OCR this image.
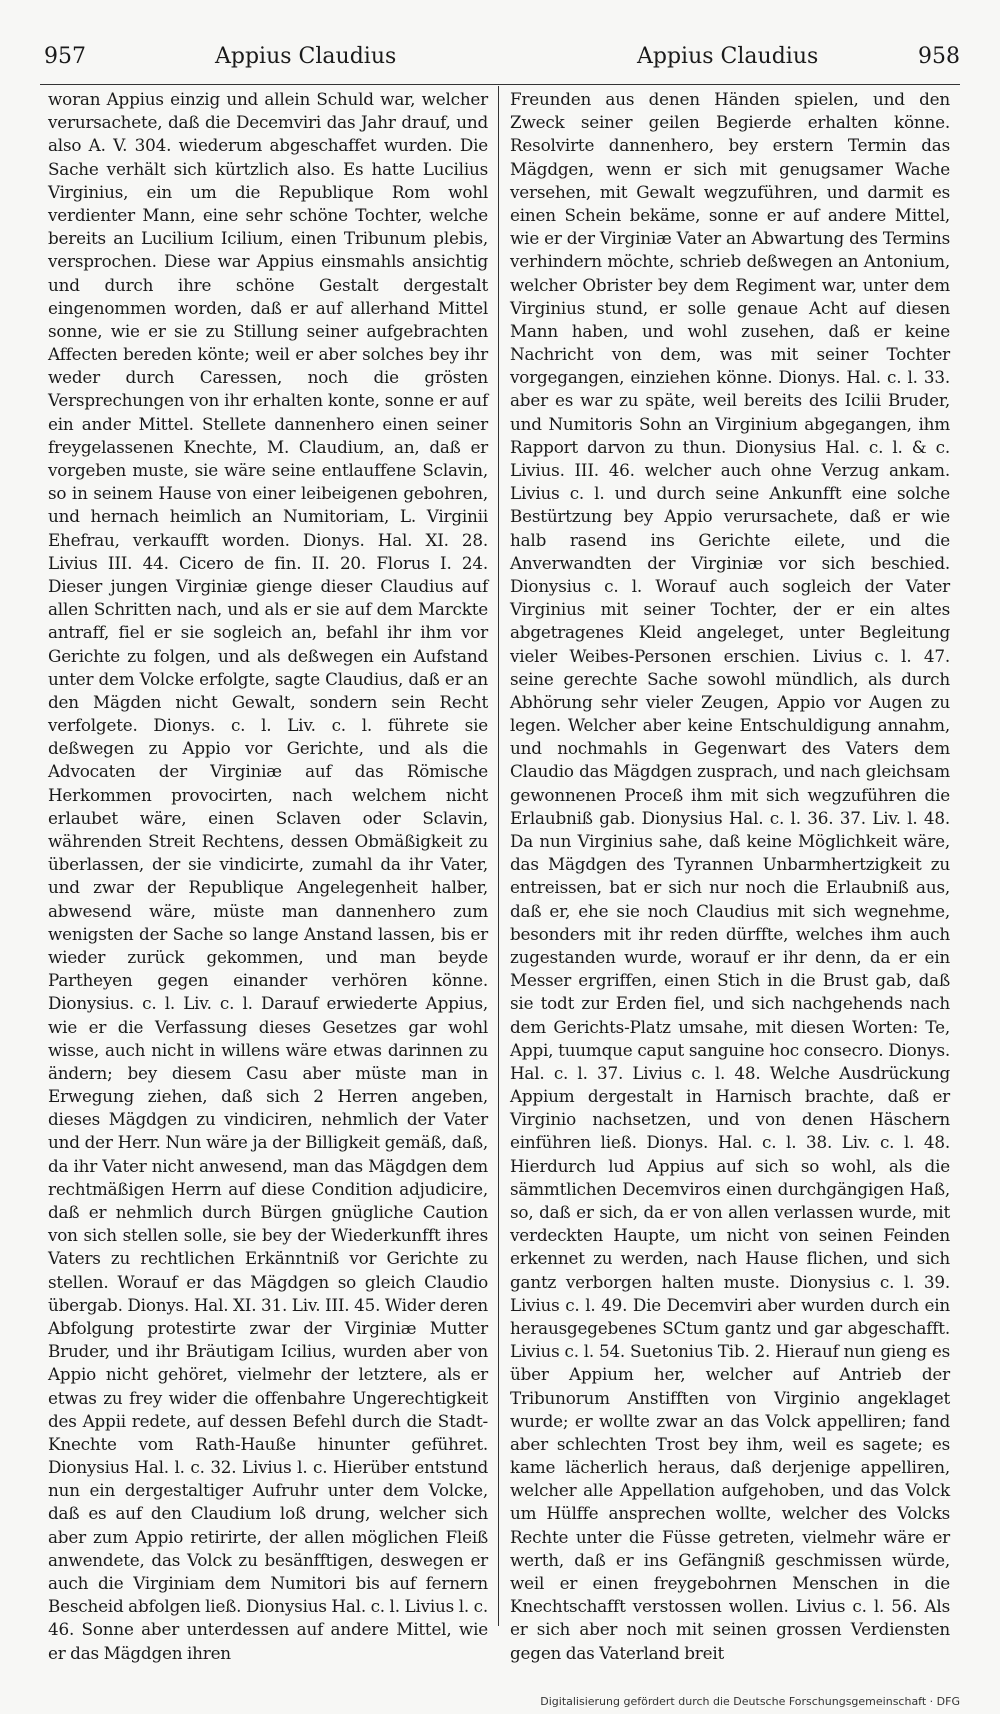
957	Appius Claudius	Appius Claudius	958

woran Appius einzig und allein Schuld war, welcher verursachete, daß die Decemviri das Jahr drauf, und also A. V. 304. wiederum abgeschaffet wurden. Die Sache verhält sich kürtzlich also. Es hatte Lucilius Virginius, ein um die Republique Rom wohl verdienter Mann, eine sehr schöne Tochter, welche bereits an Lucilium Icilium, einen Tribunum plebis, versprochen. Diese war Appius einsmahls ansichtig und durch ihre schöne Gestalt dergestalt eingenommen worden, daß er auf allerhand Mittel sonne, wie er sie zu Stillung seiner aufgebrachten Affecten bereden könte; weil er aber solches bey ihr weder durch Caressen, noch die grösten Versprechungen von ihr erhalten konte, sonne er auf ein ander Mittel. Stellete dannenhero einen seiner freygelassenen Knechte, M. Claudium, an, daß er vorgeben muste, sie wäre seine entlauffene Sclavin, so in seinem Hause von einer leibeigenen gebohren, und hernach heimlich an Numitoriam, L. Virginii Ehefrau, verkaufft worden. Dionys. Hal. XI. 28. Livius III. 44. Cicero de fin. II. 20. Florus I. 24. Dieser jungen Virginiæ gienge dieser Claudius auf allen Schritten nach, und als er sie auf dem Marckte antraff, fiel er sie sogleich an, befahl ihr ihm vor Gerichte zu folgen, und als deßwegen ein Aufstand unter dem Volcke erfolgte, sagte Claudius, daß er an den Mägden nicht Gewalt, sondern sein Recht verfolgete. Dionys. c. l. Liv. c. l. führete sie deßwegen zu Appio vor Gerichte, und als die Advocaten der Virginiæ auf das Römische Herkommen provocirten, nach welchem nicht erlaubet wäre, einen Sclaven oder Sclavin, währenden Streit Rechtens, dessen Obmäßigkeit zu überlassen, der sie vindicirte, zumahl da ihr Vater, und zwar der Republique Angelegenheit halber, abwesend wäre, müste man dannenhero zum wenigsten der Sache so lange Anstand lassen, bis er wieder zurück gekommen, und man beyde Partheyen gegen einander verhören könne. Dionysius. c. l. Liv. c. l. Darauf erwiederte Appius, wie er die Verfassung dieses Gesetzes gar wohl wisse, auch nicht in willens wäre etwas darinnen zu ändern; bey diesem Casu aber müste man in Erwegung ziehen, daß sich 2 Herren angeben, dieses Mägdgen zu vindiciren, nehmlich der Vater und der Herr. Nun wäre ja der Billigkeit gemäß, daß, da ihr Vater nicht anwesend, man das Mägdgen dem rechtmäßigen Herrn auf diese Condition adjudicire, daß er nehmlich durch Bürgen gnügliche Caution von sich stellen solle, sie bey der Wiederkunfft ihres Vaters zu rechtlichen Erkänntniß vor Gerichte zu stellen. Worauf er das Mägdgen so gleich Claudio übergab. Dionys. Hal. XI. 31. Liv. III. 45. Wider deren Abfolgung protestirte zwar der Virginiæ Mutter Bruder, und ihr Bräutigam Icilius, wurden aber von Appio nicht gehöret, vielmehr der letztere, als er etwas zu frey wider die offenbahre Ungerechtigkeit des Appii redete, auf dessen Befehl durch die Stadt-Knechte vom Rath-Hauße hinunter geführet. Dionysius Hal. l. c. 32. Livius l. c. Hierüber entstund nun ein dergestaltiger Aufruhr unter dem Volcke, daß es auf den Claudium loß drung, welcher sich aber zum Appio retirirte, der allen möglichen Fleiß anwendete, das Volck zu besänfftigen, deswegen er auch die Virginiam dem Numitori bis auf fernern Bescheid abfolgen ließ. Dionysius Hal. c. l. Livius l. c. 46. Sonne aber unterdessen auf andere Mittel, wie er das Mägdgen ihren

Freunden aus denen Händen spielen, und den Zweck seiner geilen Begierde erhalten könne. Resolvirte dannenhero, bey erstern Termin das Mägdgen, wenn er sich mit genugsamer Wache versehen, mit Gewalt wegzuführen, und darmit es einen Schein bekäme, sonne er auf andere Mittel, wie er der Virginiæ Vater an Abwartung des Termins verhindern möchte, schrieb deßwegen an Antonium, welcher Obrister bey dem Regiment war, unter dem Virginius stund, er solle genaue Acht auf diesen Mann haben, und wohl zusehen, daß er keine Nachricht von dem, was mit seiner Tochter vorgegangen, einziehen könne. Dionys. Hal. c. l. 33. aber es war zu späte, weil bereits des Icilii Bruder, und Numitoris Sohn an Virginium abgegangen, ihm Rapport darvon zu thun. Dionysius Hal. c. l. & c. Livius. III. 46. welcher auch ohne Verzug ankam. Livius c. l. und durch seine Ankunfft eine solche Bestürtzung bey Appio verursachete, daß er wie halb rasend ins Gerichte eilete, und die Anverwandten der Virginiæ vor sich beschied. Dionysius c. l. Worauf auch sogleich der Vater Virginius mit seiner Tochter, der er ein altes abgetragenes Kleid angeleget, unter Begleitung vieler Weibes-Personen erschien. Livius c. l. 47. seine gerechte Sache sowohl mündlich, als durch Abhörung sehr vieler Zeugen, Appio vor Augen zu legen. Welcher aber keine Entschuldigung annahm, und nochmahls in Gegenwart des Vaters dem Claudio das Mägdgen zusprach, und nach gleichsam gewonnenen Proceß ihm mit sich wegzuführen die Erlaubniß gab. Dionysius Hal. c. l. 36. 37. Liv. l. 48. Da nun Virginius sahe, daß keine Möglichkeit wäre, das Mägdgen des Tyrannen Unbarmhertzigkeit zu entreissen, bat er sich nur noch die Erlaubniß aus, daß er, ehe sie noch Claudius mit sich wegnehme, besonders mit ihr reden dürffte, welches ihm auch zugestanden wurde, worauf er ihr denn, da er ein Messer ergriffen, einen Stich in die Brust gab, daß sie todt zur Erden fiel, und sich nachgehends nach dem Gerichts-Platz umsahe, mit diesen Worten: Te, Appi, tuumque caput sanguine hoc consecro. Dionys. Hal. c. l. 37. Livius c. l. 48. Welche Ausdrückung Appium dergestalt in Harnisch brachte, daß er Virginio nachsetzen, und von denen Häschern einführen ließ. Dionys. Hal. c. l. 38. Liv. c. l. 48. Hierdurch lud Appius auf sich so wohl, als die sämmtlichen Decemviros einen durchgängigen Haß, so, daß er sich, da er von allen verlassen wurde, mit verdeckten Haupte, um nicht von seinen Feinden erkennet zu werden, nach Hause flichen, und sich gantz verborgen halten muste. Dionysius c. l. 39. Livius c. l. 49. Die Decemviri aber wurden durch ein herausgegebenes SCtum gantz und gar abgeschafft. Livius c. l. 54. Suetonius Tib. 2. Hierauf nun gieng es über Appium her, welcher auf Antrieb der Tribunorum Anstifften von Virginio angeklaget wurde; er wollte zwar an das Volck appelliren; fand aber schlechten Trost bey ihm, weil es sagete; es kame lächerlich heraus, daß derjenige appelliren, welcher alle Appellation aufgehoben, und das Volck um Hülffe ansprechen wollte, welcher des Volcks Rechte unter die Füsse getreten, vielmehr wäre er werth, daß er ins Gefängniß geschmissen würde, weil er einen freygebohrnen Menschen in die Knechtschafft verstossen wollen. Livius c. l. 56. Als er sich aber noch mit seinen grossen Verdiensten gegen das Vaterland breit

Digitalisierung gefördert durch die Deutsche Forschungsgemeinschaft · DFG
